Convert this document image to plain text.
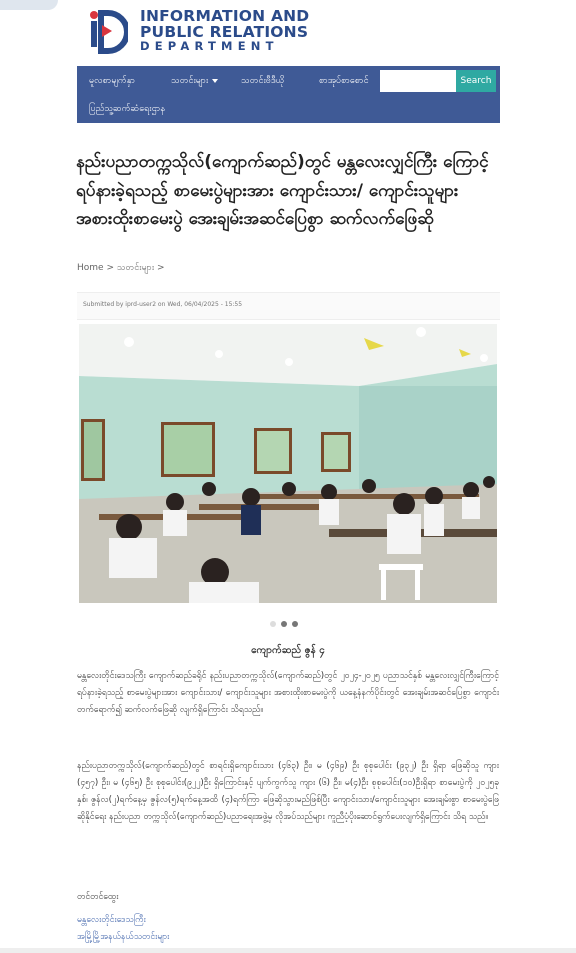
INFORMATION AND
PUBLIC RELATIONS
DEPARTMENT
မူလစာမျက်နှာ	သတင်းများ	သတင်းဗီဒီယို	စာအုပ်စာစောင်	Search
ပြည်သူ့ဆက်ဆံရေးဌာန
နည်းပညာတက္ကသိုလ်(ကျောက်ဆည်)တွင် မန္တလေးလျှင်ကြီး ကြောင့်ရပ်နားခဲ့ရသည့် စာမေးပွဲများအား ကျောင်းသား/ ကျောင်းသူများ အစားထိုးစာမေးပွဲ အေးချမ်းအဆင်ပြေစွာ ဆက်လက်ဖြေဆို
Home > သတင်းများ >
Submitted by iprd-user2 on Wed, 06/04/2025 - 15:55
ကျောက်ဆည် ဇွန် ၄

မန္တလေးတိုင်းဒေသကြီး ကျောက်ဆည်ခရိုင် နည်းပညာတက္ကသိုလ်(ကျောက်ဆည်)တွင် ၂၀၂၄-၂၀၂၅ ပညာသင်နှစ် မန္တလေးလျှင်ကြီးကြောင့် ရပ်နားခဲ့ရသည့် စာမေးပွဲများအား ကျောင်းသား/ ကျောင်းသူများ အစားထိုးစာမေးပွဲကို ယနေ့နံနက်ပိုင်းတွင် အေးချမ်းအဆင်ပြေစွာ ကျောင်းတက်ရောက်၍ ဆက်လက်ဖြေဆို လျက်ရှိကြောင်း သိရသည်။

နည်းပညာတက္ကသိုလ်(ကျောက်ဆည်)တွင် စာရင်းရှိကျောင်းသား (၄၆၃) ဦး၊ မ (၄၆၉) ဦး စုစုပေါင်း (၉၃၂) ဦး ရှိရာ ဖြေဆိုသူ ကျား (၄၅၇) ဦး၊ မ (၄၆၅) ဦး စုစုပေါင်း(၉၂၂)ဦး ရှိကြောင်းနှင့် ပျက်ကွက်သူ ကျား (၆) ဦး၊ မ(၄)ဦး စုစုပေါင်း(၁၀)ဦးရှိရာ စာမေးပွဲကို ၂၀၂၅ခုနှစ်၊ ဇွန်လ(၂)ရက်နေ့မှ ဇွန်လ(၅)ရက်နေ့အထိ (၄)ရက်ကြာ ဖြေဆိုသွားမည်ဖြစ်ပြီး ကျောင်းသား/ကျောင်းသူများ အေးချမ်းစွာ စာမေးပွဲဖြေဆိုနိုင်ရေး နည်းပညာ တက္ကသိုလ်(ကျောက်ဆည်)ပညာရေးအဖွဲ့မှ လိုအပ်သည်များ ကူညီပံ့ပိုးဆောင်ရွက်ပေးလျက်ရှိကြောင်း သိရ သည်။

တင်တင်ထွေး
မန္တလေးတိုင်းဒေသကြီး
အမြို့မြို့အနယ်နယ်သတင်းများ
